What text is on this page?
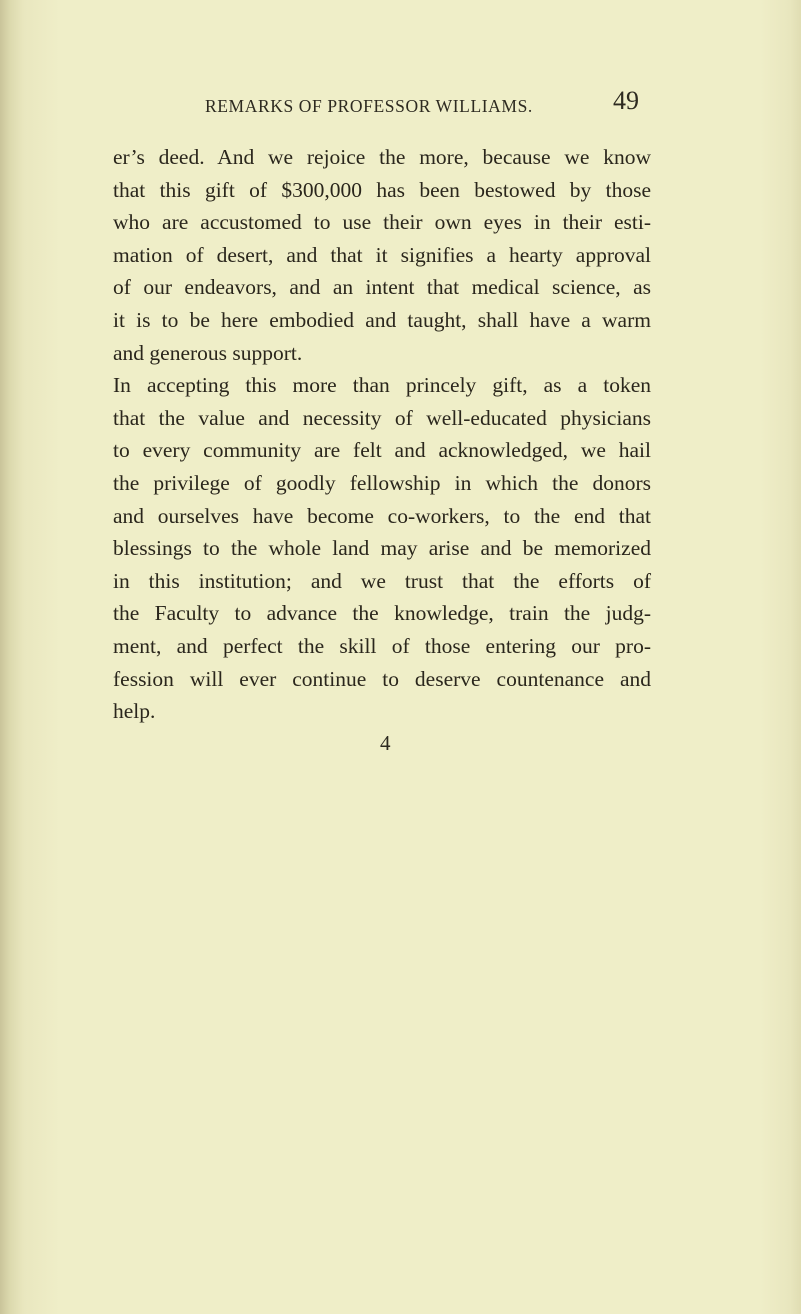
REMARKS OF PROFESSOR WILLIAMS.	49
er’s deed. And we rejoice the more, because we know
that this gift of $300,000 has been bestowed by those
who are accustomed to use their own eyes in their esti-
mation of desert, and that it signifies a hearty approval
of our endeavors, and an intent that medical science, as
it is to be here embodied and taught, shall have a warm
and generous support.
In accepting this more than princely gift, as a token
that the value and necessity of well-educated physicians
to every community are felt and acknowledged, we hail
the privilege of goodly fellowship in which the donors
and ourselves have become co-workers, to the end that
blessings to the whole land may arise and be memorized
in this institution; and we trust that the efforts of
the Faculty to advance the knowledge, train the judg-
ment, and perfect the skill of those entering our pro-
fession will ever continue to deserve countenance and
help.
4
